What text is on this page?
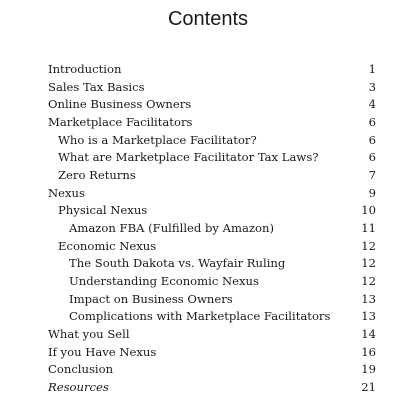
Contents
Introduction	1
Sales Tax Basics	3
Online Business Owners	4
Marketplace Facilitators	6
Who is a Marketplace Facilitator?	6
What are Marketplace Facilitator Tax Laws?	6
Zero Returns	7
Nexus	9
Physical Nexus	10
Amazon FBA (Fulfilled by Amazon)	11
Economic Nexus	12
The South Dakota vs. Wayfair Ruling	12
Understanding Economic Nexus	12
Impact on Business Owners	13
Complications with Marketplace Facilitators	13
What you Sell	14
If you Have Nexus	16
Conclusion	19
Resources	21
